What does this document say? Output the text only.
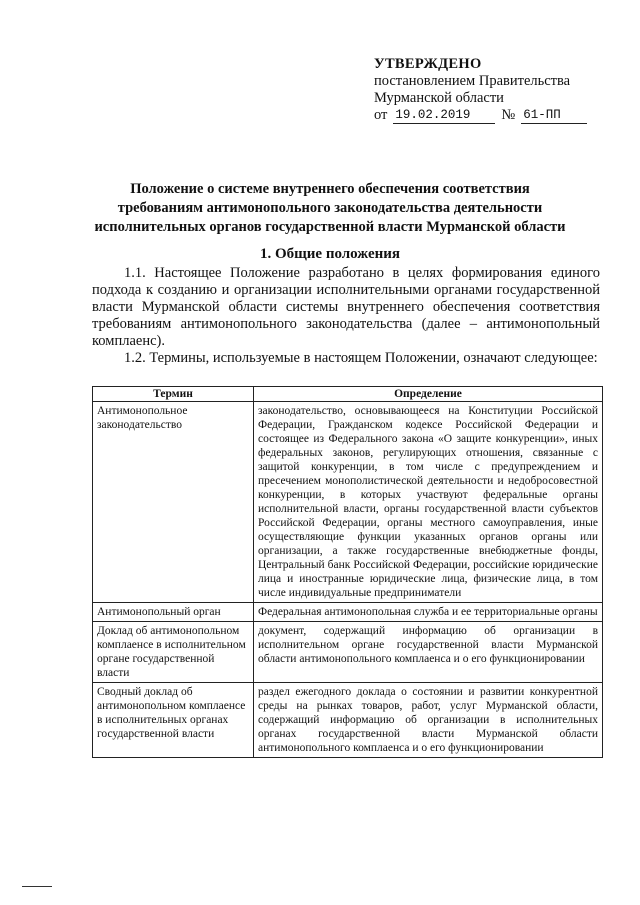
УТВЕРЖДЕНО
постановлением Правительства
Мурманской области
от 19.02.2019	№ 61-ПП
Положение о системе внутреннего обеспечения соответствия
требованиям антимонопольного законодательства деятельности
исполнительных органов государственной власти Мурманской области
1. Общие положения

1.1. Настоящее Положение разработано в целях формирования единого подхода к созданию и организации исполнительными органами государственной власти Мурманской области системы внутреннего обеспечения соответствия требованиям антимонопольного законодательства (далее – антимонопольный комплаенс).

1.2. Термины, используемые в настоящем Положении, означают следующее:

Термин	Определение
Антимонопольное законодательство	законодательство, основывающееся на Конституции Российской Федерации, Гражданском кодексе Российской Федерации и состоящее из Федерального закона «О защите конкуренции», иных федеральных законов, регулирующих отношения, связанные с защитой конкуренции, в том числе с предупреждением и пресечением монополистической деятельности и недобросовестной конкуренции, в которых участвуют федеральные органы исполнительной власти, органы государственной власти субъектов Российской Федерации, органы местного самоуправления, иные осуществляющие функции указанных органов органы или организации, а также государственные внебюджетные фонды, Центральный банк Российской Федерации, российские юридические лица и иностранные юридические лица, физические лица, в том числе индивидуальные предприниматели
Антимонопольный орган	Федеральная антимонопольная служба и ее территориальные органы
Доклад об антимонопольном комплаенсе в исполнительном органе государственной власти	документ, содержащий информацию об организации в исполнительном органе государственной власти Мурманской области антимонопольного комплаенса и о его функционировании
Сводный доклад об антимонопольном комплаенсе в исполнительных органах государственной власти	раздел ежегодного доклада о состоянии и развитии конкурентной среды на рынках товаров, работ, услуг Мурманской области, содержащий информацию об организации в исполнительных органах государственной власти Мурманской области антимонопольного комплаенса и о его функционировании
